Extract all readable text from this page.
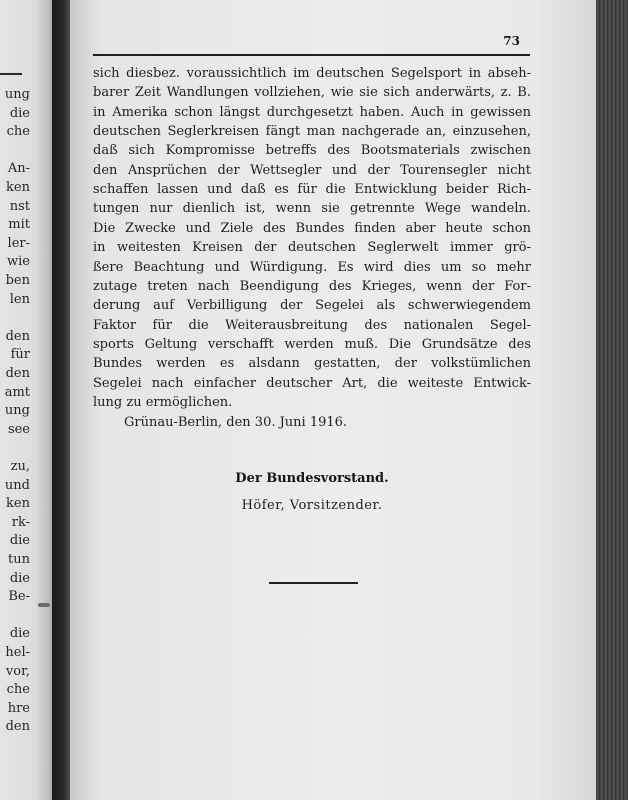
ung
die
che
An-
ken
nst
mit
ler-
wie
ben
len
den
für
den
amt
ung
see
zu,
und
ken
rk-
die
tun
die
Be-
die
hel-
vor,
che
hre
den
73
sich diesbez. voraussichtlich im deutschen Segelsport in abseh-
barer Zeit Wandlungen vollziehen, wie sie sich anderwärts, z. B.
in Amerika schon längst durchgesetzt haben. Auch in gewissen
deutschen Seglerkreisen fängt man nachgerade an, einzusehen,
daß sich Kompromisse betreffs des Bootsmaterials zwischen
den Ansprüchen der Wettsegler und der Tourensegler nicht
schaffen lassen und daß es für die Entwicklung beider Rich-
tungen nur dienlich ist, wenn sie getrennte Wege wandeln.
Die Zwecke und Ziele des Bundes finden aber heute schon
in weitesten Kreisen der deutschen Seglerwelt immer grö-
ßere Beachtung und Würdigung. Es wird dies um so mehr
zutage treten nach Beendigung des Krieges, wenn der For-
derung auf Verbilligung der Segelei als schwerwiegendem
Faktor für die Weiterausbreitung des nationalen Segel-
sports Geltung verschafft werden muß. Die Grundsätze des
Bundes werden es alsdann gestatten, der volkstümlichen
Segelei nach einfacher deutscher Art, die weiteste Entwick-
lung zu ermöglichen.
Grünau-Berlin, den 30. Juni 1916.
Der Bundesvorstand.
Höfer, Vorsitzender.
